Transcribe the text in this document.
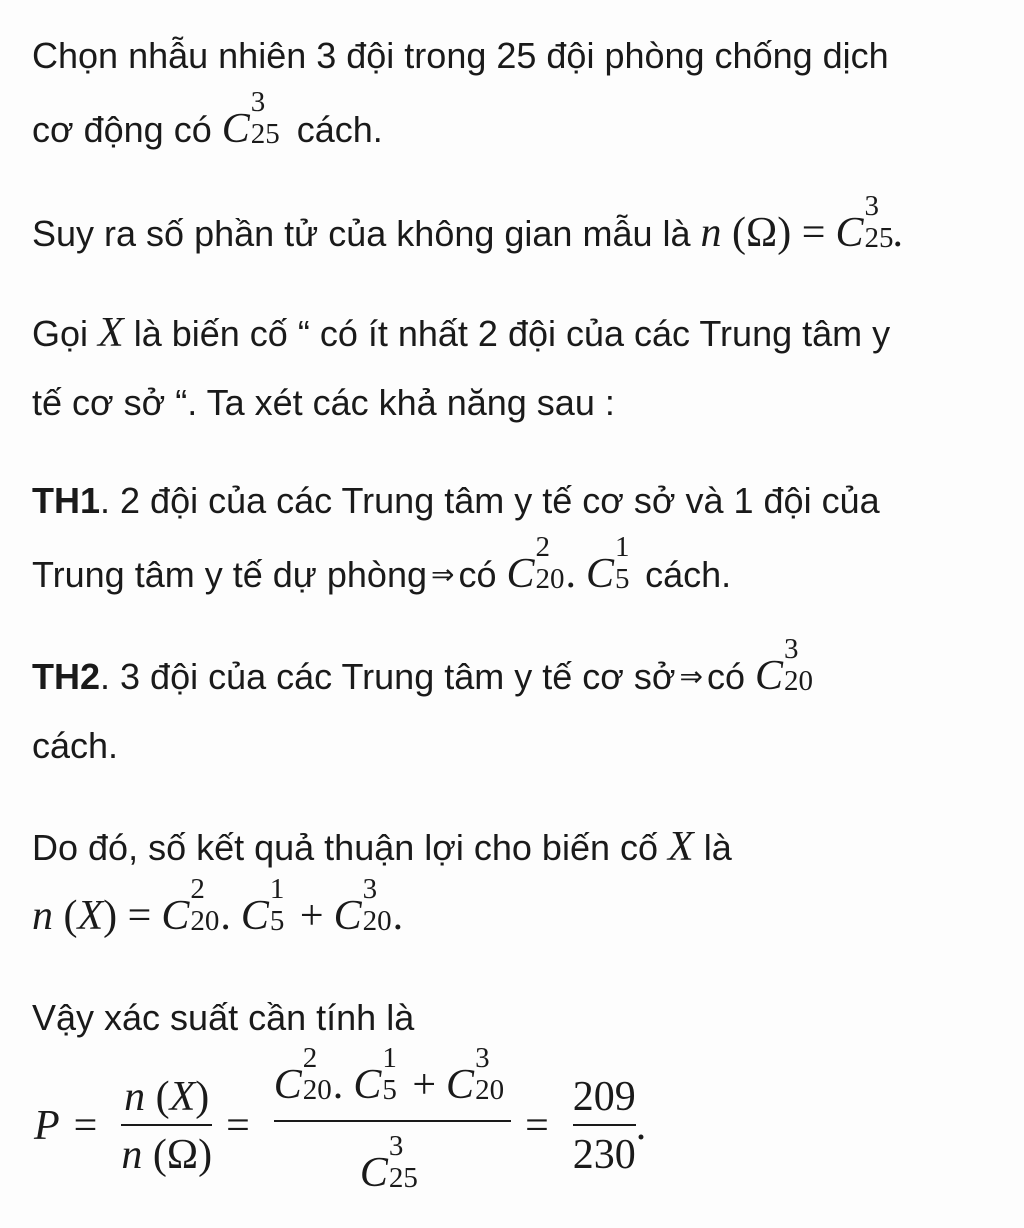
Chọn nhẫu nhiên 3 đội trong 25 đội phòng chống dịch
cơ động có C
3
25 cách.
Suy ra số phần tử của không gian mẫu là n (Ω) = C
3
25 .
Gọi X là biến cố “ có ít nhất 2 đội của các Trung tâm y
tế cơ sở “. Ta xét các khả năng sau :
TH1. 2 đội của các Trung tâm y tế cơ sở và 1 đội của
Trung tâm y tế dự phòng ⇒ có C
2
20 . C
1
5 cách.
TH2. 3 đội của các Trung tâm y tế cơ sở ⇒ có C
3
20
cách.
Do đó, số kết quả thuận lợi cho biến cố X là
n (X) = C
2
20 . C
1
5 + C
3
20 .
Vậy xác suất cần tính là
$P = \frac{n (X)}{n (\Omega)} = C$
2
20 . C
1
5 + C
3
20
C
3
$25 = \frac{209}{230}$ .
